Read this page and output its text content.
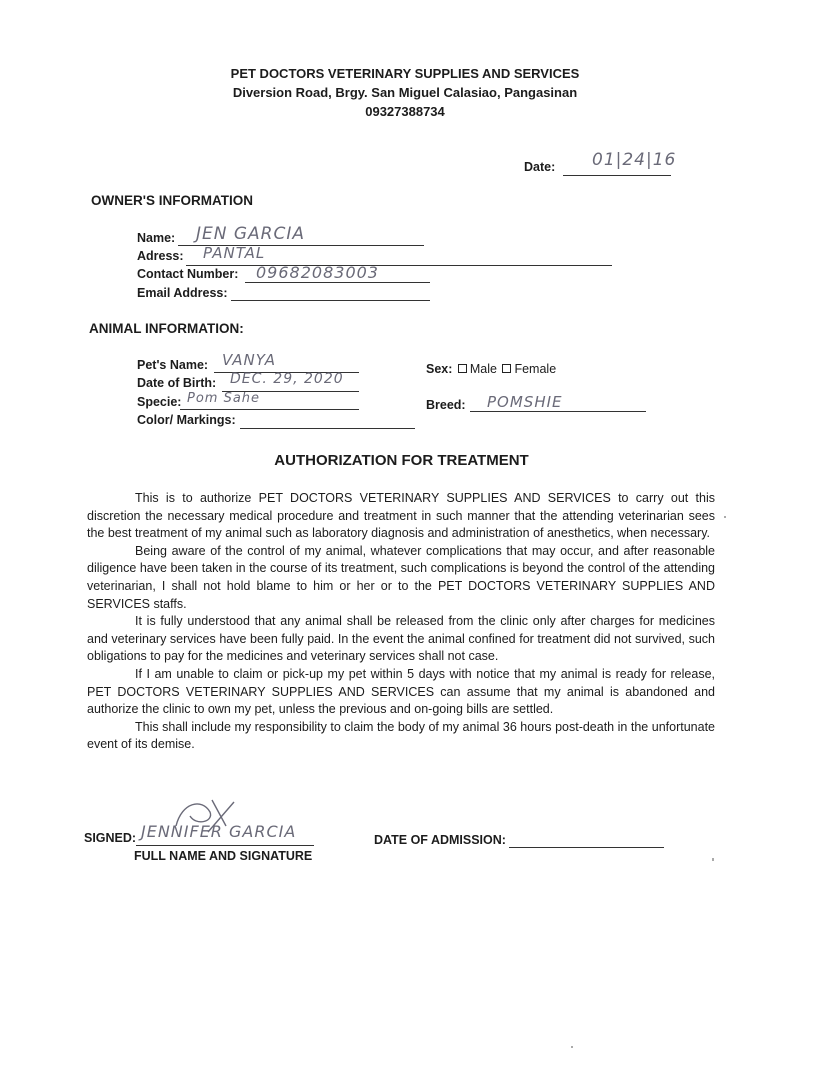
PET DOCTORS VETERINARY SUPPLIES AND SERVICES
Diversion Road, Brgy. San Miguel Calasiao, Pangasinan
09327388734
Date: 01|24|16
OWNER'S INFORMATION
Name: JEN GARCIA
Adress: PANTAL
Contact Number: 09682083003
Email Address:
ANIMAL INFORMATION:
Pet's Name: VANYA
Date of Birth: DEC. 29, 2020
Specie: Pom Sahe
Color/ Markings:
Sex: Male Female
Breed: POMSHIE
AUTHORIZATION FOR TREATMENT

This is to authorize PET DOCTORS VETERINARY SUPPLIES AND SERVICES to carry out this discretion the necessary medical procedure and treatment in such manner that the attending veterinarian sees the best treatment of my animal such as laboratory diagnosis and administration of anesthetics, when necessary.

Being aware of the control of my animal, whatever complications that may occur, and after reasonable diligence have been taken in the course of its treatment, such complications is beyond the control of the attending veterinarian, I shall not hold blame to him or her or to the PET DOCTORS VETERINARY SUPPLIES AND SERVICES staffs.

It is fully understood that any animal shall be released from the clinic only after charges for medicines and veterinary services have been fully paid. In the event the animal confined for treatment did not survived, such obligations to pay for the medicines and veterinary services shall not case.

If I am unable to claim or pick-up my pet within 5 days with notice that my animal is ready for release, PET DOCTORS VETERINARY SUPPLIES AND SERVICES can assume that my animal is abandoned and authorize the clinic to own my pet, unless the previous and on-going bills are settled.

This shall include my responsibility to claim the body of my animal 36 hours post-death in the unfortunate event of its demise.

SIGNED: JENNIFER GARCIA
FULL NAME AND SIGNATURE
DATE OF ADMISSION:
